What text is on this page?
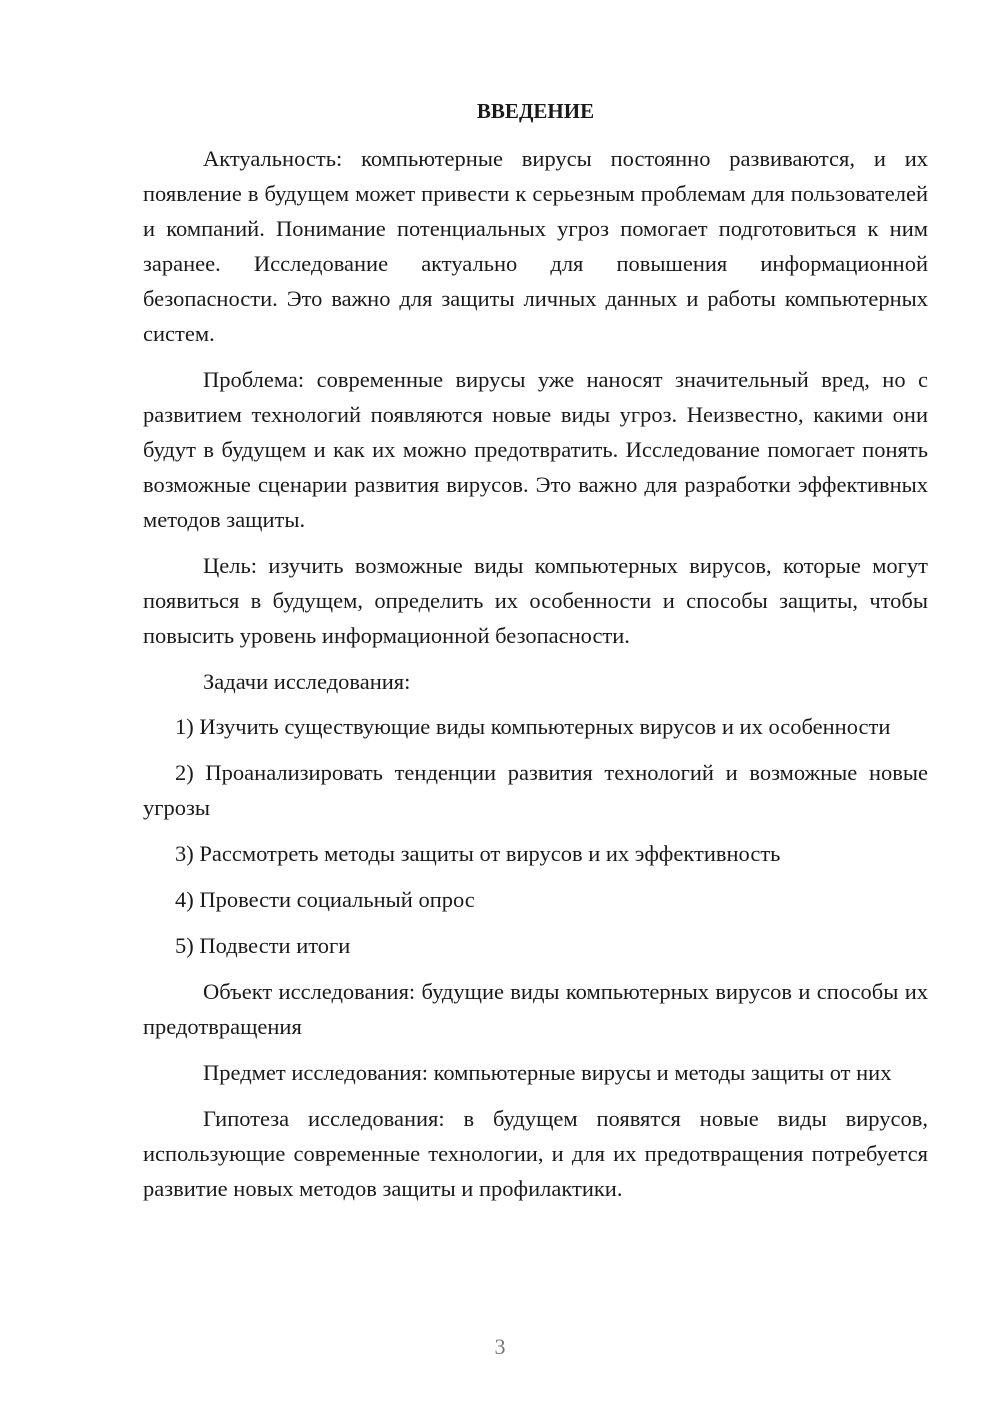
ВВЕДЕНИЕ

Актуальность: компьютерные вирусы постоянно развиваются, и их появление в будущем может привести к серьезным проблемам для пользователей и компаний. Понимание потенциальных угроз помогает подготовиться к ним заранее. Исследование актуально для повышения информационной безопасности. Это важно для защиты личных данных и работы компьютерных систем.

Проблема: современные вирусы уже наносят значительный вред, но с развитием технологий появляются новые виды угроз. Неизвестно, какими они будут в будущем и как их можно предотвратить. Исследование помогает понять возможные сценарии развития вирусов. Это важно для разработки эффективных методов защиты.

Цель: изучить возможные виды компьютерных вирусов, которые могут появиться в будущем, определить их особенности и способы защиты, чтобы повысить уровень информационной безопасности.

Задачи исследования:

1) Изучить существующие виды компьютерных вирусов и их особенности

2) Проанализировать тенденции развития технологий и возможные новые угрозы

3) Рассмотреть методы защиты от вирусов и их эффективность

4) Провести социальный опрос

5) Подвести итоги

Объект исследования: будущие виды компьютерных вирусов и способы их предотвращения

Предмет исследования: компьютерные вирусы и методы защиты от них

Гипотеза исследования: в будущем появятся новые виды вирусов, использующие современные технологии, и для их предотвращения потребуется развитие новых методов защиты и профилактики.

3
